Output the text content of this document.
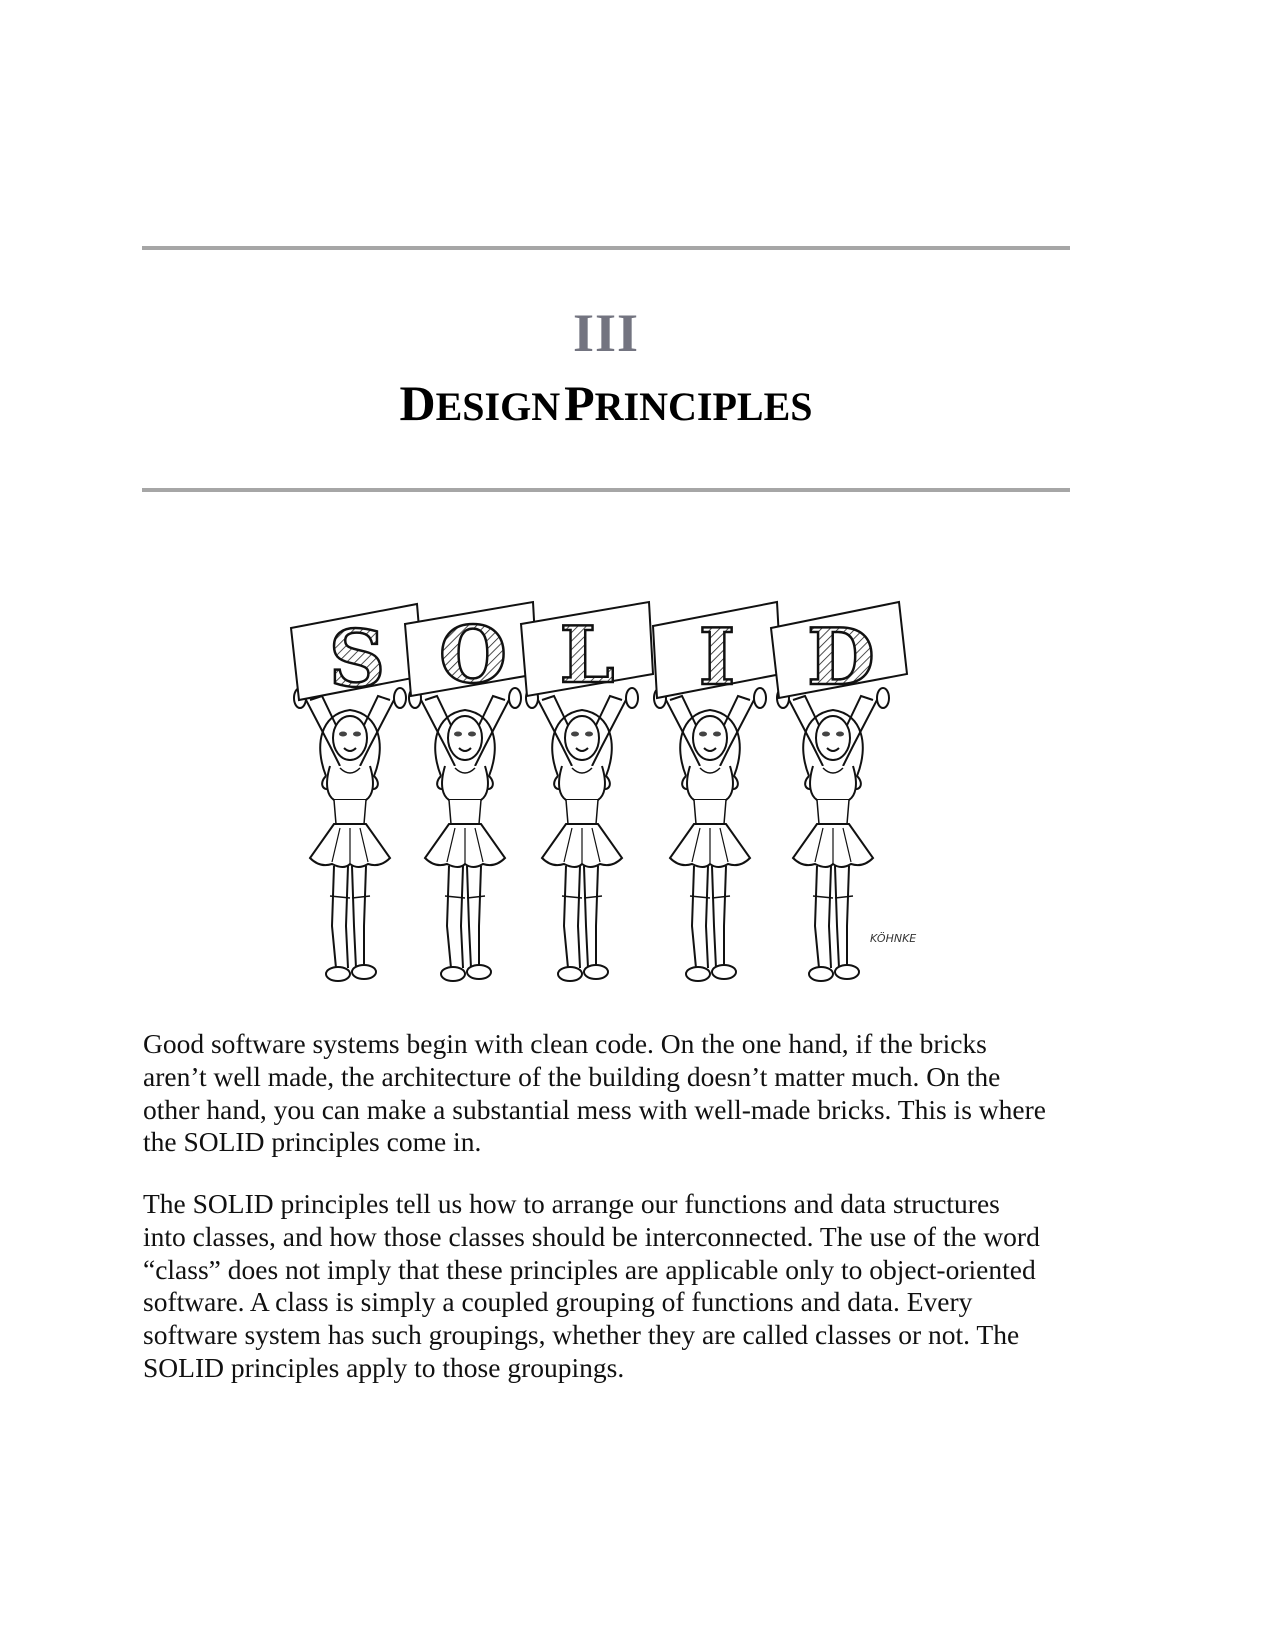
III
DESIGN PRINCIPLES
S O L I D
KÖHNKE

Good software systems begin with clean code. On the one hand, if the bricks aren’t well made, the architecture of the building doesn’t matter much. On the other hand, you can make a substantial mess with well-made bricks. This is where the SOLID principles come in.

The SOLID principles tell us how to arrange our functions and data structures into classes, and how those classes should be interconnected. The use of the word “class” does not imply that these principles are applicable only to object-oriented software. A class is simply a coupled grouping of functions and data. Every software system has such groupings, whether they are called classes or not. The SOLID principles apply to those groupings.
